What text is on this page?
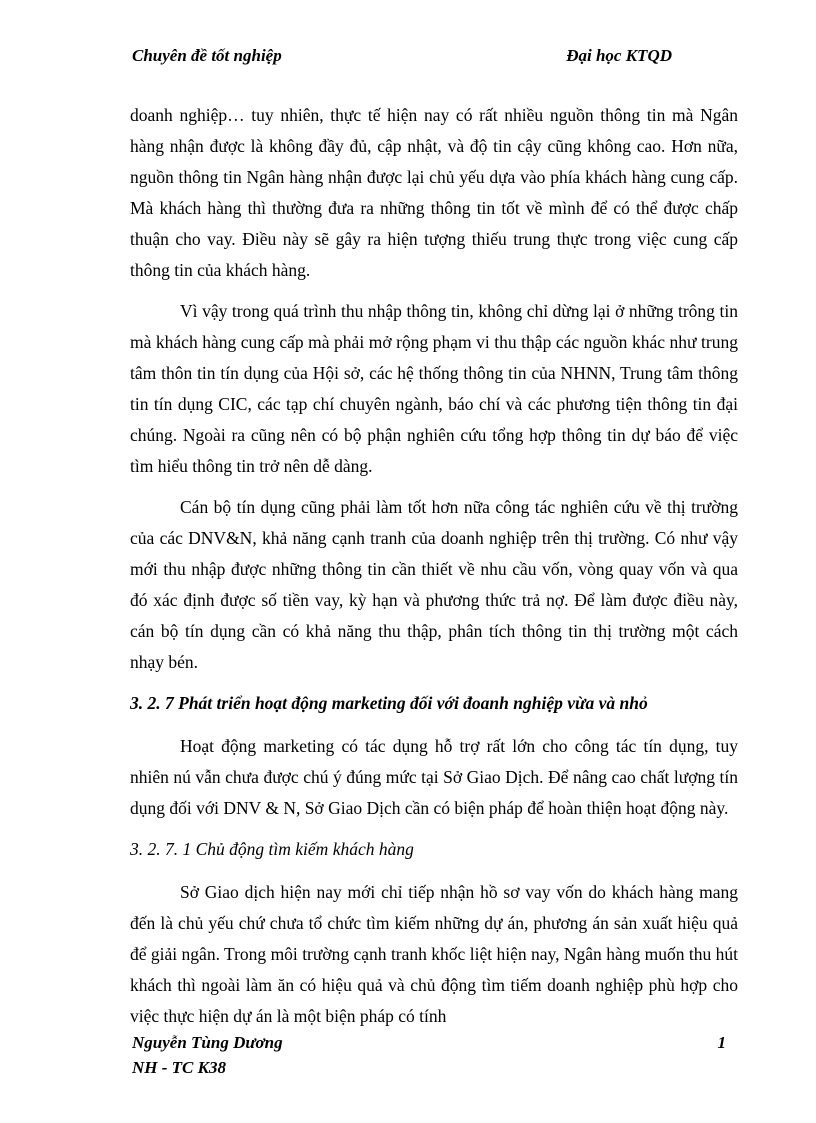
Chuyên đề tốt nghiệp	Đại học KTQD

doanh nghiệp… tuy nhiên, thực tế hiện nay có rất nhiều nguồn thông tin mà Ngân hàng nhận được là không đầy đủ, cập nhật, và độ tin cậy cũng không cao. Hơn nữa, nguồn thông tin Ngân hàng nhận được lại chủ yếu dựa vào phía khách hàng cung cấp. Mà khách hàng thì thường đưa ra những thông tin tốt về mình để có thể được chấp thuận cho vay. Điều này sẽ gây ra hiện tượng thiếu trung thực trong việc cung cấp thông tin của khách hàng.

Vì vậy trong quá trình thu nhập thông tin, không chỉ dừng lại ở những trông tin mà khách hàng cung cấp mà phải mở rộng phạm vi thu thập các nguồn khác như trung tâm thôn tin tín dụng của Hội sở, các hệ thống thông tin của NHNN, Trung tâm thông tin tín dụng CIC, các tạp chí chuyên ngành, báo chí và các phương tiện thông tin đại chúng. Ngoài ra cũng nên có bộ phận nghiên cứu tổng hợp thông tin dự báo để việc tìm hiểu thông tin trở nên dễ dàng.

Cán bộ tín dụng cũng phải làm tốt hơn nữa công tác nghiên cứu về thị trường của các DNV&N, khả năng cạnh tranh của doanh nghiệp trên thị trường. Có như vậy mới thu nhập được những thông tin cần thiết về nhu cầu vốn, vòng quay vốn và qua đó xác định được số tiền vay, kỳ hạn và phương thức trả nợ. Để làm được điều này, cán bộ tín dụng cần có khả năng thu thập, phân tích thông tin thị trường một cách nhạy bén.

3. 2. 7 Phát triển hoạt động marketing đối với đoanh nghiệp vừa và nhỏ

Hoạt động marketing có tác dụng hỗ trợ rất lớn cho công tác tín dụng, tuy nhiên nú vẫn chưa được chú ý đúng mức tại Sở Giao Dịch. Để nâng cao chất lượng tín dụng đối với DNV & N, Sở Giao Dịch cần có biện pháp để hoàn thiện hoạt động này.

3. 2. 7. 1 Chủ động tìm kiếm khách hàng

Sở Giao dịch hiện nay mới chỉ tiếp nhận hồ sơ vay vốn do khách hàng mang đến là chủ yếu chứ chưa tổ chức tìm kiếm những dự án, phương án sản xuất hiệu quả để giải ngân. Trong môi trường cạnh tranh khốc liệt hiện nay, Ngân hàng muốn thu hút khách thì ngoài làm ăn có hiệu quả và chủ động tìm tiếm doanh nghiệp phù hợp cho việc thực hiện dự án là một biện pháp có tính

Nguyễn Tùng Dương
NH - TC K38
1
